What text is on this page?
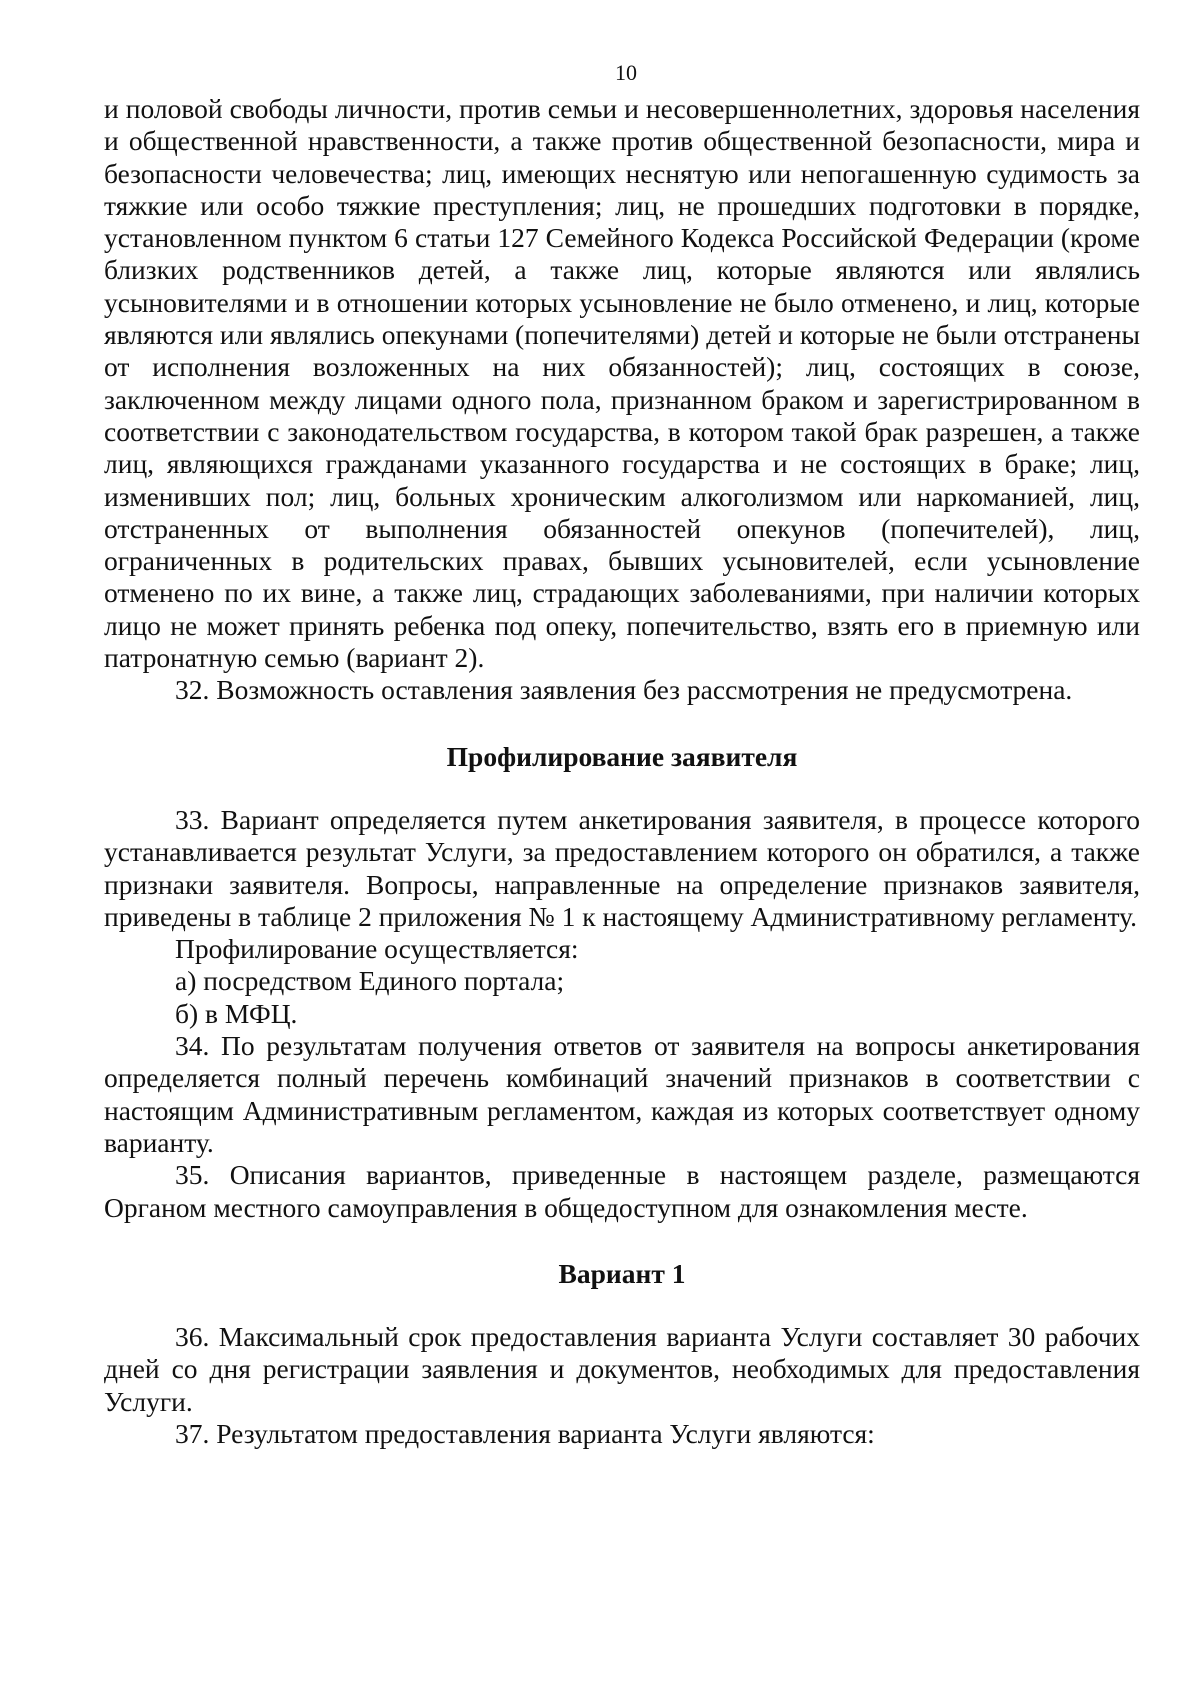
10

и половой свободы личности, против семьи и несовершеннолетних, здоровья населения и общественной нравственности, а также против общественной безопасности, мира и безопасности человечества; лиц, имеющих неснятую или непогашенную судимость за тяжкие или особо тяжкие преступления; лиц, не прошедших подготовки в порядке, установленном пунктом 6 статьи 127 Семейного Кодекса Российской Федерации (кроме близких родственников детей, а также лиц, которые являются или являлись усыновителями и в отношении которых усыновление не было отменено, и лиц, которые являются или являлись опекунами (попечителями) детей и которые не были отстранены от исполнения возложенных на них обязанностей); лиц, состоящих в союзе, заключенном между лицами одного пола, признанном браком и зарегистрированном в соответствии с законодательством государства, в котором такой брак разрешен, а также лиц, являющихся гражданами указанного государства и не состоящих в браке; лиц, изменивших пол; лиц, больных хроническим алкоголизмом или наркоманией, лиц, отстраненных от выполнения обязанностей опекунов (попечителей), лиц, ограниченных в родительских правах, бывших усыновителей, если усыновление отменено по их вине, а также лиц, страдающих заболеваниями, при наличии которых лицо не может принять ребенка под опеку, попечительство, взять его в приемную или патронатную семью (вариант 2).

32. Возможность оставления заявления без рассмотрения не предусмотрена.

Профилирование заявителя

33. Вариант определяется путем анкетирования заявителя, в процессе которого устанавливается результат Услуги, за предоставлением которого он обратился, а также признаки заявителя. Вопросы, направленные на определение признаков заявителя, приведены в таблице 2 приложения № 1 к настоящему Административному регламенту.

Профилирование осуществляется:

а) посредством Единого портала;

б) в МФЦ.

34. По результатам получения ответов от заявителя на вопросы анкетирования определяется полный перечень комбинаций значений признаков в соответствии с настоящим Административным регламентом, каждая из которых соответствует одному варианту.

35. Описания вариантов, приведенные в настоящем разделе, размещаются Органом местного самоуправления в общедоступном для ознакомления месте.

Вариант 1

36. Максимальный срок предоставления варианта Услуги составляет 30 рабочих дней со дня регистрации заявления и документов, необходимых для предоставления Услуги.

37. Результатом предоставления варианта Услуги являются:
